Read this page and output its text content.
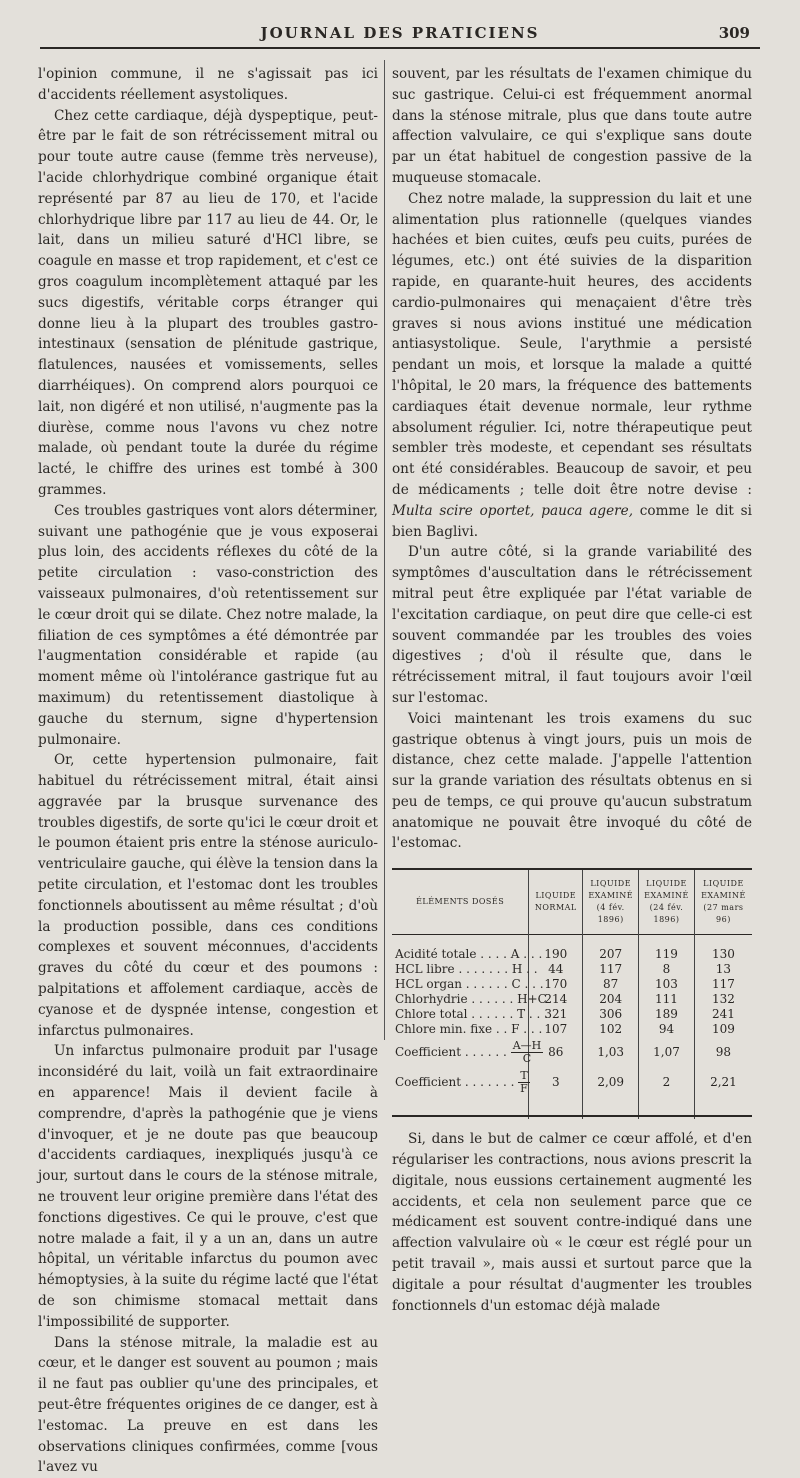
JOURNAL DES PRATICIENS	309

l'opinion commune, il ne s'agissait pas ici d'accidents réellement asystoliques.

Chez cette cardiaque, déjà dyspeptique, peut-être par le fait de son rétrécissement mitral ou pour toute autre cause (femme très nerveuse), l'acide chlorhydrique combiné organique était représenté par 87 au lieu de 170, et l'acide chlorhydrique libre par 117 au lieu de 44. Or, le lait, dans un milieu saturé d'HCl libre, se coagule en masse et trop rapidement, et c'est ce gros coagulum incomplètement attaqué par les sucs digestifs, véritable corps étranger qui donne lieu à la plupart des troubles gastro-intestinaux (sensation de plénitude gastrique, flatulences, nausées et vomissements, selles diarrhéiques). On comprend alors pourquoi ce lait, non digéré et non utilisé, n'augmente pas la diurèse, comme nous l'avons vu chez notre malade, où pendant toute la durée du régime lacté, le chiffre des urines est tombé à 300 grammes.

Ces troubles gastriques vont alors déterminer, suivant une pathogénie que je vous exposerai plus loin, des accidents réflexes du côté de la petite circulation : vaso-constriction des vaisseaux pulmonaires, d'où retentissement sur le cœur droit qui se dilate. Chez notre malade, la filiation de ces symptômes a été démontrée par l'augmentation considérable et rapide (au moment même où l'intolérance gastrique fut au maximum) du retentissement diastolique à gauche du sternum, signe d'hypertension pulmonaire.

Or, cette hypertension pulmonaire, fait habituel du rétrécissement mitral, était ainsi aggravée par la brusque survenance des troubles digestifs, de sorte qu'ici le cœur droit et le poumon étaient pris entre la sténose auriculo-ventriculaire gauche, qui élève la tension dans la petite circulation, et l'estomac dont les troubles fonctionnels aboutissent au même résultat ; d'où la production possible, dans ces conditions complexes et souvent méconnues, d'accidents graves du côté du cœur et des poumons : palpitations et affolement cardiaque, accès de cyanose et de dyspnée intense, congestion et infarctus pulmonaires.

Un infarctus pulmonaire produit par l'usage inconsidéré du lait, voilà un fait extraordinaire en apparence! Mais il devient facile à comprendre, d'après la pathogénie que je viens d'invoquer, et je ne doute pas que beaucoup d'accidents cardiaques, inexpliqués jusqu'à ce jour, surtout dans le cours de la sténose mitrale, ne trouvent leur origine première dans l'état des fonctions digestives. Ce qui le prouve, c'est que notre malade a fait, il y a un an, dans un autre hôpital, un véritable infarctus du poumon avec hémoptysies, à la suite du régime lacté que l'état de son chimisme stomacal mettait dans l'impossibilité de supporter.

Dans la sténose mitrale, la maladie est au cœur, et le danger est souvent au poumon ; mais il ne faut pas oublier qu'une des principales, et peut-être fréquentes origines de ce danger, est à l'estomac. La preuve en est dans les observations cliniques confirmées, comme [vous l'avez vu

souvent, par les résultats de l'examen chimique du suc gastrique. Celui-ci est fréquemment anormal dans la sténose mitrale, plus que dans toute autre affection valvulaire, ce qui s'explique sans doute par un état habituel de congestion passive de la muqueuse stomacale.

Chez notre malade, la suppression du lait et une alimentation plus rationnelle (quelques viandes hachées et bien cuites, œufs peu cuits, purées de légumes, etc.) ont été suivies de la disparition rapide, en quarante-huit heures, des accidents cardio-pulmonaires qui menaçaient d'être très graves si nous avions institué une médication antiasystolique. Seule, l'arythmie a persisté pendant un mois, et lorsque la malade a quitté l'hôpital, le 20 mars, la fréquence des battements cardiaques était devenue normale, leur rythme absolument régulier. Ici, notre thérapeutique peut sembler très modeste, et cependant ses résultats ont été considérables. Beaucoup de savoir, et peu de médicaments ; telle doit être notre devise : Multa scire oportet, pauca agere, comme le dit si bien Baglivi.

D'un autre côté, si la grande variabilité des symptômes d'auscultation dans le rétrécissement mitral peut être expliquée par l'état variable de l'excitation cardiaque, on peut dire que celle-ci est souvent commandée par les troubles des voies digestives ; d'où il résulte que, dans le rétrécissement mitral, il faut toujours avoir l'œil sur l'estomac.

Voici maintenant les trois examens du suc gastrique obtenus à vingt jours, puis un mois de distance, chez cette malade. J'appelle l'attention sur la grande variation des résultats obtenus en si peu de temps, ce qui prouve qu'aucun substratum anatomique ne pouvait être invoqué du côté de l'estomac.

ÉLÉMENTS DOSÉS	LIQUIDE NORMAL	LIQUIDE EXAMINÉ (4 fév. 1896)	LIQUIDE EXAMINÉ (24 fév. 1896)	LIQUIDE EXAMINÉ (27 mars 96)

Acidité totale . . . . A . . .	190	207	119	130
HCL libre . . . . . . . H . .	44	117	8	13
HCL organ . . . . . . C . . .	170	87	103	117
Chlorhydrie . . . . . . H+C	214	204	111	132
Chlore total . . . . . . T . . .	321	306	189	241
Chlore min. fixe . . F . . .	107	102	94	109
Coefficient . . . . . . $\frac{A—H}{C}$	86	1,03	1,07	98
Coefficient . . . . . . . $\frac{T}{F}$	3	2,09	2	2,21

Si, dans le but de calmer ce cœur affolé, et d'en régulariser les contractions, nous avions prescrit la digitale, nous eussions certainement augmenté les accidents, et cela non seulement parce que ce médicament est souvent contre-indiqué dans une affection valvulaire où « le cœur est réglé pour un petit travail », mais aussi et surtout parce que la digitale a pour résultat d'augmenter les troubles fonctionnels d'un estomac déjà malade
